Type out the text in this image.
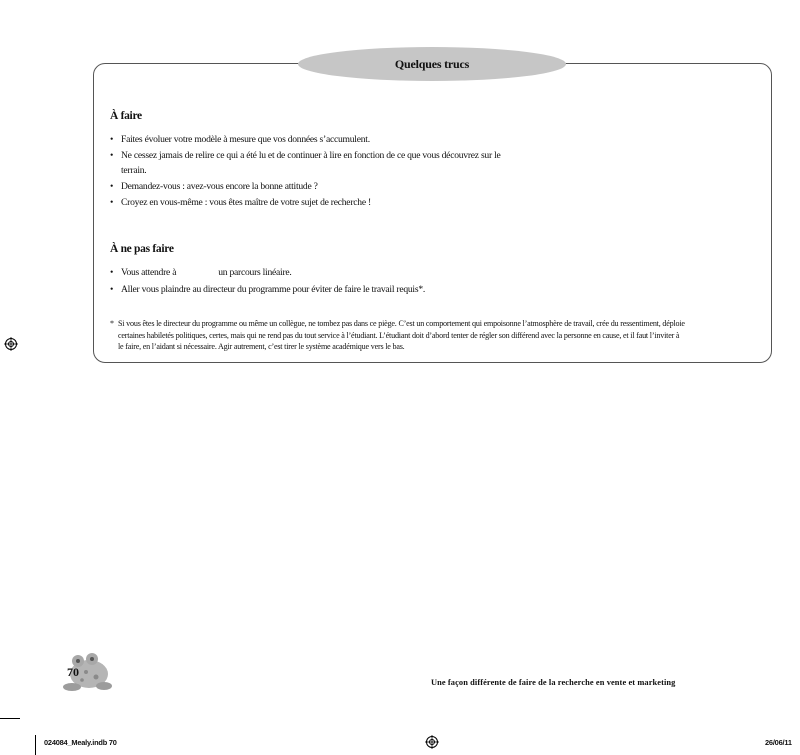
Quelques trucs
À faire
• Faites évoluer votre modèle à mesure que vos données s’accumulent.
• Ne cessez jamais de relire ce qui a été lu et de continuer à lire en fonction de ce que vous découvrez sur le
terrain.
• Demandez-vous : avez-vous encore la bonne attitude ?
• Croyez en vous-même : vous êtes maître de votre sujet de recherche !
À ne pas faire
• Vous attendre à	un parcours linéaire.
• Aller vous plaindre au directeur du programme pour éviter de faire le travail requis*.
* Si vous êtes le directeur du programme ou même un collègue, ne tombez pas dans ce piège. C’est un comportement qui empoisonne l’atmosphère de travail, crée du ressentiment, déploie certaines habiletés politiques, certes, mais qui ne rend pas du tout service à l’étudiant. L’étudiant doit d’abord tenter de régler son différend avec la personne en cause, et il faut l’inviter à le faire, en l’aidant si nécessaire. Agir autrement, c’est tirer le système académique vers le bas.
70
Une façon différente de faire de la recherche en vente et marketing
024084_Mealy.indb 70	26/06/11
